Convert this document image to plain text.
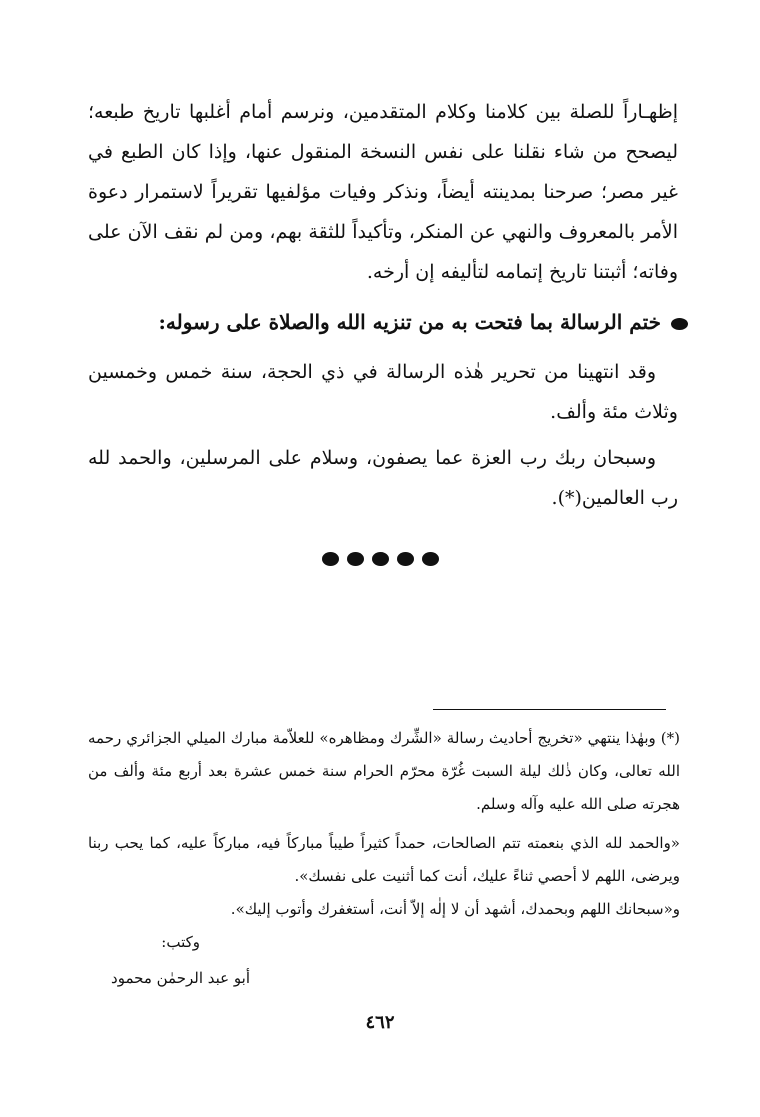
إظهـاراً للصلة بين كلامنا وكلام المتقدمين، ونرسم أمام أغلبها تاريخ طبعه؛ ليصحح من شاء نقلنا على نفس النسخة المنقول عنها، وإذا كان الطبع في غير مصر؛ صرحنا بمدينته أيضاً، ونذكر وفيات مؤلفيها تقريراً لاستمرار دعوة الأمر بالمعروف والنهي عن المنكر، وتأكيداً للثقة بهم، ومن لم نقف الآن على وفاته؛ أثبتنا تاريخ إتمامه لتأليفه إن أرخه.

ختم الرسالة بما فتحت به من تنزيه الله والصلاة على رسوله:

وقد انتهينا من تحرير هٰذه الرسالة في ذي الحجة، سنة خمس وخمسين وثلاث مئة وألف.

وسبحان ربك رب العزة عما يصفون، وسلام على المرسلين، والحمد لله رب العالمين(*).

(*) وبهٰذا ينتهي «تخريج أحاديث رسالة «الشِّرك ومظاهره» للعلاّمة مبارك الميلي الجزائري رحمه الله تعالى، وكان ذٰلك ليلة السبت غُرّة محرّم الحرام سنة خمس عشرة بعد أربع مئة وألف من هجرته صلى الله عليه وآله وسلم.

«والحمد لله الذي بنعمته تتم الصالحات، حمداً كثيراً طيباً مباركاً فيه، مباركاً عليه، كما يحب ربنا ويرضى، اللهم لا أحصي ثناءً عليك، أنت كما أثنيت على نفسك».

و«سبحانك اللهم وبحمدك، أشهد أن لا إلٰه إلاّ أنت، أستغفرك وأتوب إليك».

وكتب:
أبو عبد الرحمٰن محمود
٤٦٢
